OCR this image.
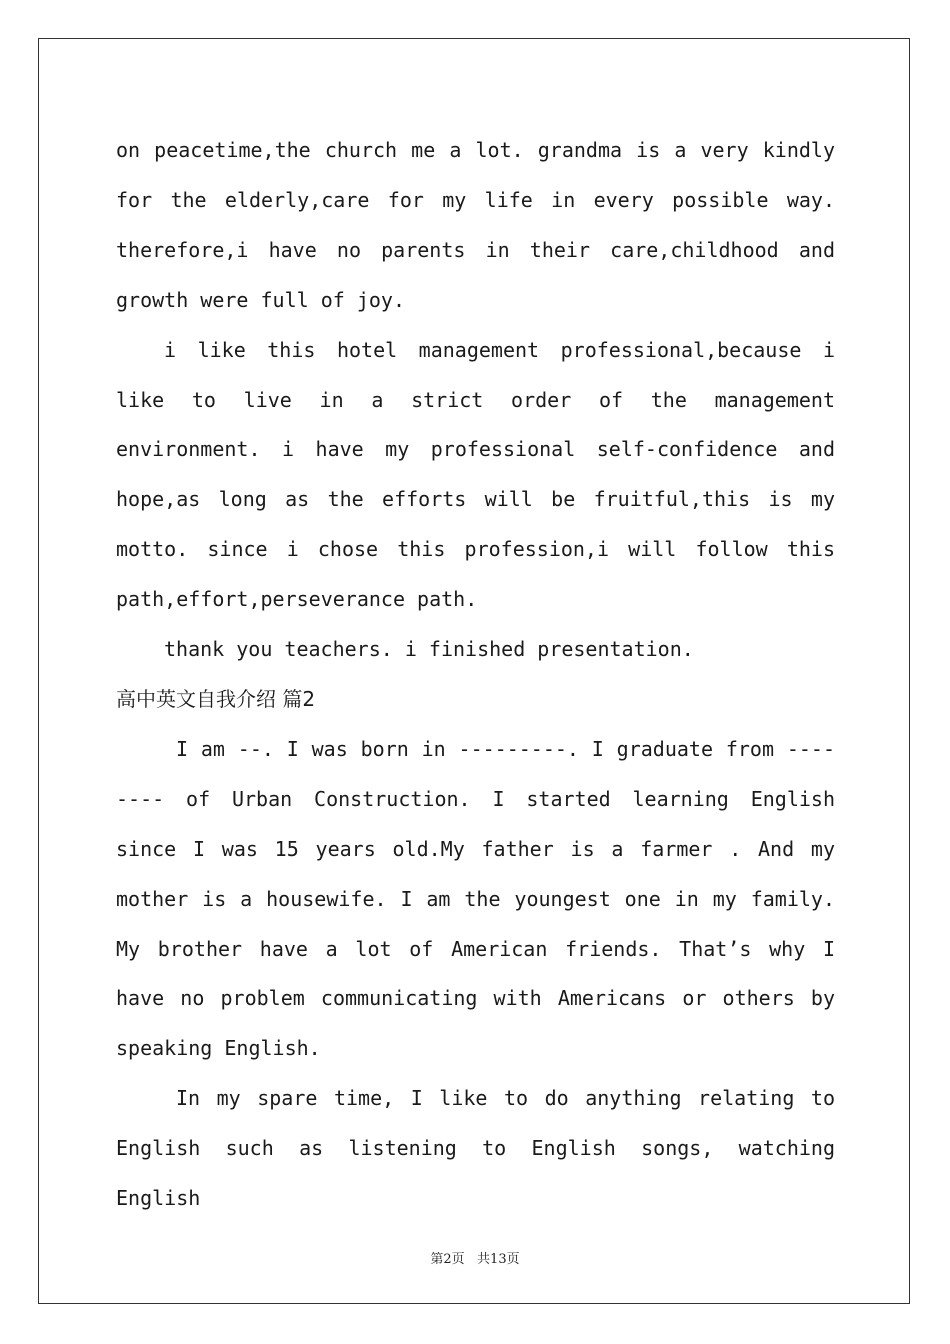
on peacetime,the church me a lot. grandma is a very kindly for the elderly,care for my life in every possible way. therefore,i have no parents in their care,childhood and growth were full of joy.

i like this hotel management professional,because i like to live in a strict order of the management environment. i have my professional self-confidence and hope,as long as the efforts will be fruitful,this is my motto. since i chose this profession,i will follow this path,effort,perseverance path.

thank you teachers. i finished presentation.

高中英文自我介绍 篇2

I am --. I was born in ---------. I graduate from -------- of Urban Construction. I started learning English since I was 15 years old.My father is a farmer . And my mother is a housewife. I am the youngest one in my family. My brother have a lot of American friends. That’s why I have no problem communicating with Americans or others by speaking English.

In my spare time, I like to do anything relating to English such as listening to English songs, watching English

第2页   共13页
